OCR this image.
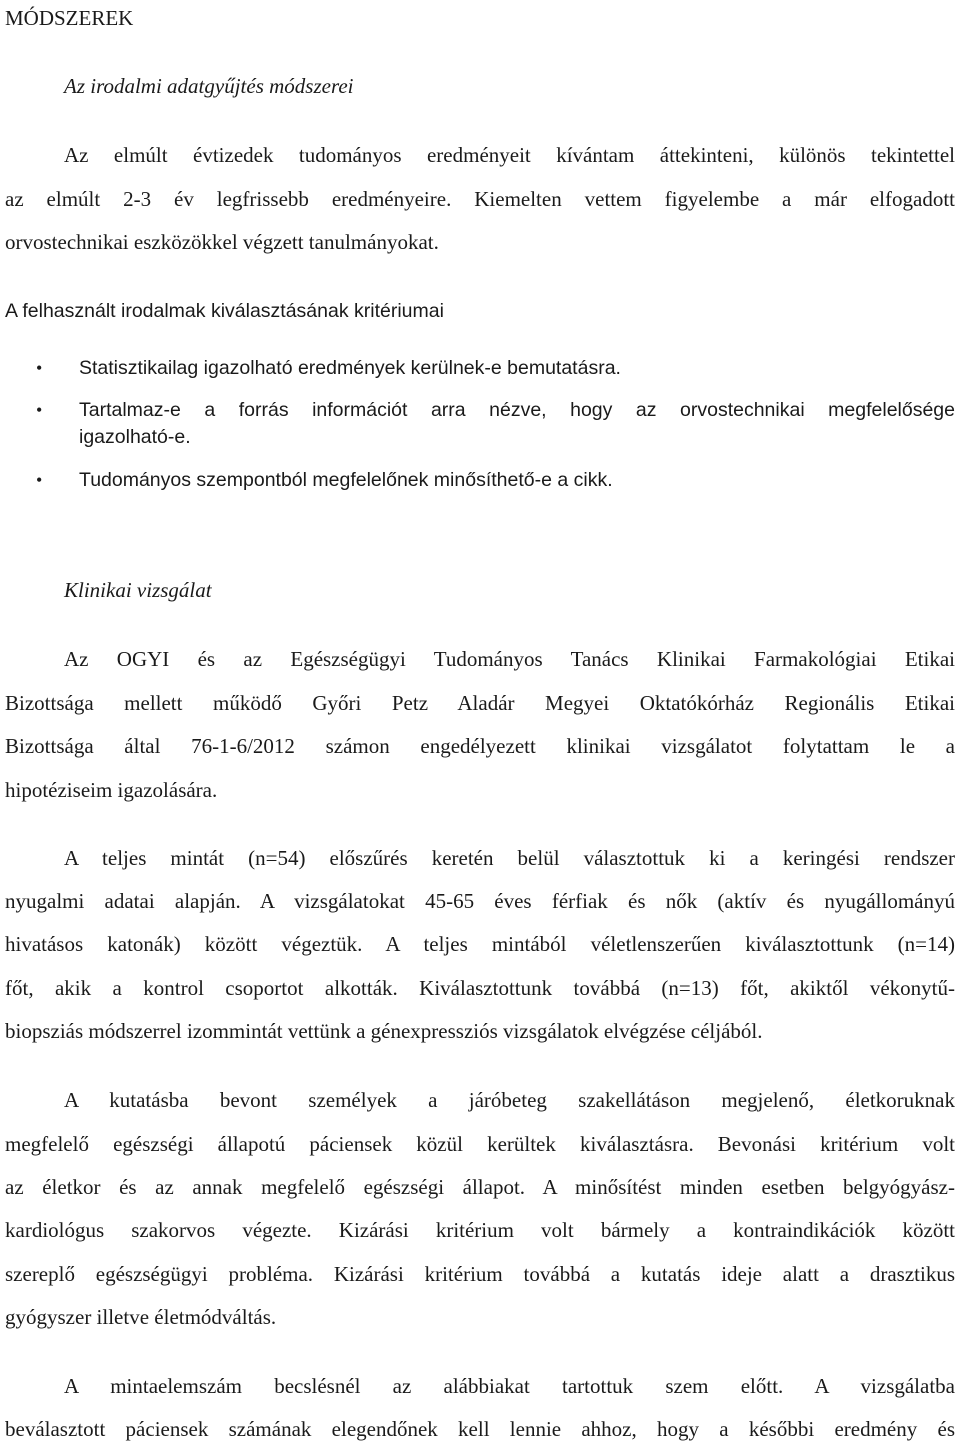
MÓDSZEREK
Az irodalmi adatgyűjtés módszerei
Az elmúlt évtizedek tudományos eredményeit kívántam áttekinteni, különös tekintettel
az elmúlt 2-3 év legfrissebb eredményeire. Kiemelten vettem figyelembe a már elfogadott
orvostechnikai eszközökkel végzett tanulmányokat.
A felhasznált irodalmak kiválasztásának kritériumai
• Statisztikailag igazolható eredmények kerülnek-e bemutatásra.
• Tartalmaz-e a forrás információt arra nézve, hogy az orvostechnikai megfelelősége
igazolható-e.
• Tudományos szempontból megfelelőnek minősíthető-e a cikk.
Klinikai vizsgálat
Az OGYI és az Egészségügyi Tudományos Tanács Klinikai Farmakológiai Etikai
Bizottsága mellett működő Győri Petz Aladár Megyei Oktatókórház Regionális Etikai
Bizottsága által 76-1-6/2012 számon engedélyezett klinikai vizsgálatot folytattam le a
hipotéziseim igazolására.
A teljes mintát (n=54) előszűrés keretén belül választottuk ki a keringési rendszer
nyugalmi adatai alapján. A vizsgálatokat 45-65 éves férfiak és nők (aktív és nyugállományú
hivatásos katonák) között végeztük. A teljes mintából véletlenszerűen kiválasztottunk (n=14)
főt, akik a kontrol csoportot alkották. Kiválasztottunk továbbá (n=13) főt, akiktől vékonytű-
biopsziás módszerrel izommintát vettünk a génexpressziós vizsgálatok elvégzése céljából.
A kutatásba bevont személyek a járóbeteg szakellátáson megjelenő, életkoruknak
megfelelő egészségi állapotú páciensek közül kerültek kiválasztásra. Bevonási kritérium volt
az életkor és az annak megfelelő egészségi állapot. A minősítést minden esetben belgyógyász-
kardiológus szakorvos végezte. Kizárási kritérium volt bármely a kontraindikációk között
szereplő egészségügyi probléma. Kizárási kritérium továbbá a kutatás ideje alatt a drasztikus
gyógyszer illetve életmódváltás.
A mintaelemszám becslésnél az alábbiakat tartottuk szem előtt. A vizsgálatba
beválasztott páciensek számának elegendőnek kell lennie ahhoz, hogy a későbbi eredmény és
